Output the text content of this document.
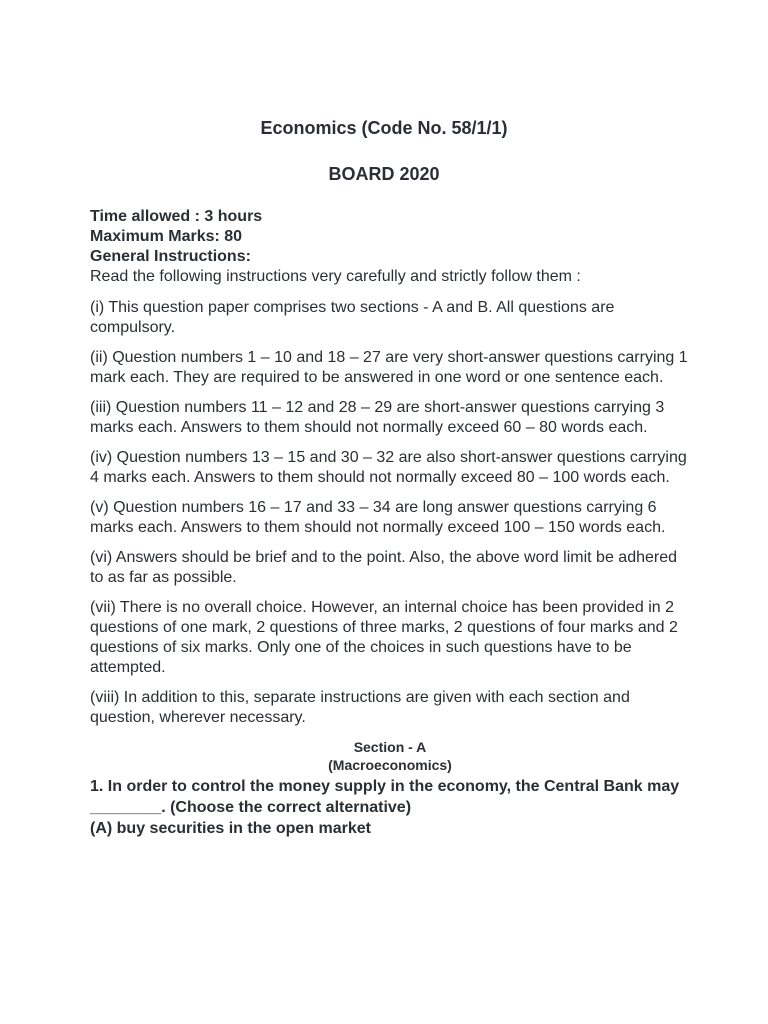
Economics (Code No. 58/1/1)
BOARD 2020
Time allowed : 3 hours
Maximum Marks: 80
General Instructions:

Read the following instructions very carefully and strictly follow them :

(i) This question paper comprises two sections - A and B. All questions are compulsory.

(ii) Question numbers 1 – 10 and 18 – 27 are very short-answer questions carrying 1 mark each. They are required to be answered in one word or one sentence each.

(iii) Question numbers 11 – 12 and 28 – 29 are short-answer questions carrying 3 marks each. Answers to them should not normally exceed 60 – 80 words each.

(iv) Question numbers 13 – 15 and 30 – 32 are also short-answer questions carrying 4 marks each. Answers to them should not normally exceed 80 – 100 words each.

(v) Question numbers 16 – 17 and 33 – 34 are long answer questions carrying 6 marks each. Answers to them should not normally exceed 100 – 150 words each.

(vi) Answers should be brief and to the point. Also, the above word limit be adhered to as far as possible.

(vii) There is no overall choice. However, an internal choice has been provided in 2 questions of one mark, 2 questions of three marks, 2 questions of four marks and 2 questions of six marks. Only one of the choices in such questions have to be attempted.

(viii) In addition to this, separate instructions are given with each section and question, wherever necessary.

Section - A
(Macroeconomics)
1. In order to control the money supply in the economy, the Central Bank may ________. (Choose the correct alternative)
(A) buy securities in the open market
